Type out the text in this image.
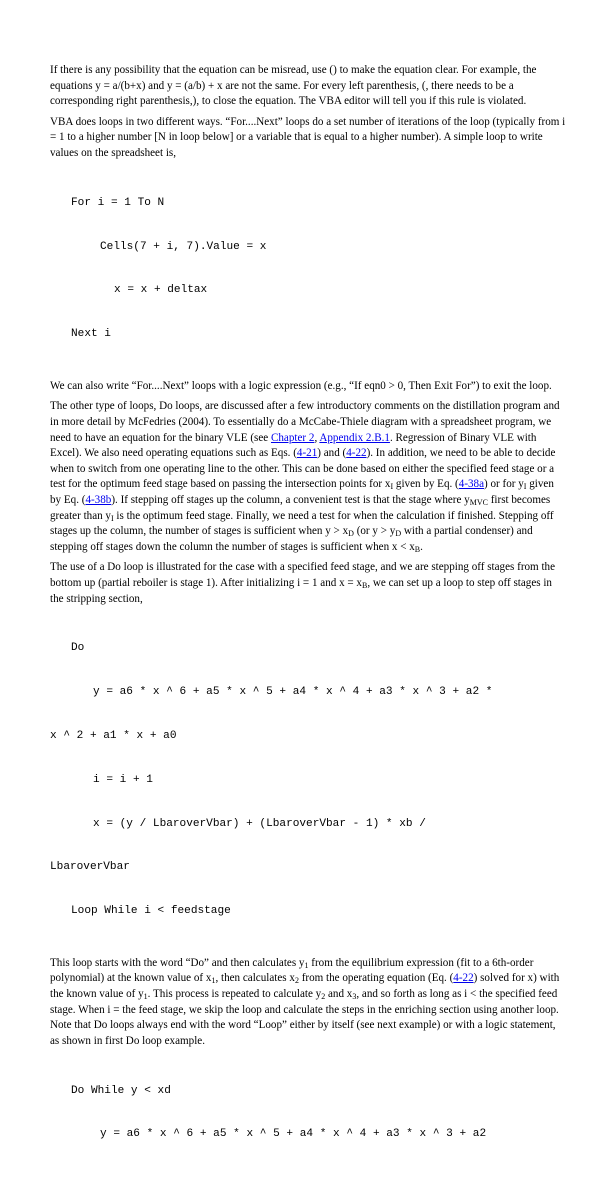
If there is any possibility that the equation can be misread, use () to make the equation clear. For example, the equations y = a/(b+x) and y = (a/b) + x are not the same. For every left parenthesis, (, there needs to be a corresponding right parenthesis,), to close the equation. The VBA editor will tell you if this rule is violated.

VBA does loops in two different ways. “For....Next” loops do a set number of iterations of the loop (typically from i = 1 to a higher number [N in loop below] or a variable that is equal to a higher number). A simple loop to write values on the spreadsheet is,

For i = 1 To N

Cells(7 + i, 7).Value = x

x = x + deltax

Next i

We can also write “For....Next” loops with a logic expression (e.g., “If eqn0 > 0, Then Exit For”) to exit the loop.

The other type of loops, Do loops, are discussed after a few introductory comments on the distillation program and in more detail by McFedries (2004). To essentially do a McCabe-Thiele diagram with a spreadsheet program, we need to have an equation for the binary VLE (see Chapter 2, Appendix 2.B.1. Regression of Binary VLE with Excel). We also need operating equations such as Eqs. (4-21) and (4-22). In addition, we need to be able to decide when to switch from one operating line to the other. This can be done based on either the specified feed stage or a test for the optimum feed stage based on passing the intersection points for $x_I$ given by Eq. (4-38a) or for $y_I$ given by Eq. (4-38b). If stepping off stages up the column, a convenient test is that the stage where $y_{MVC}$ first becomes greater than $y_I$ is the optimum feed stage. Finally, we need a test for when the calculation if finished. Stepping off stages up the column, the number of stages is sufficient when $y > x_D$ (or $y > y_D$ with a partial condenser) and stepping off stages down the column the number of stages is sufficient when $x < x_B$.

The use of a Do loop is illustrated for the case with a specified feed stage, and we are stepping off stages from the bottom up (partial reboiler is stage 1). After initializing i = 1 and $x = x_B$, we can set up a loop to step off stages in the stripping section,

Do

y = a6 * x ^ 6 + a5 * x ^ 5 + a4 * x ^ 4 + a3 * x ^ 3 + a2 *

x ^ 2 + a1 * x + a0

i = i + 1

x = (y / LbaroverVbar) + (LbaroverVbar - 1) * xb /

LbaroverVbar

Loop While i < feedstage

This loop starts with the word “Do” and then calculates $y_1$ from the equilibrium expression (fit to a 6th-order polynomial) at the known value of $x_1$, then calculates $x_2$ from the operating equation (Eq. (4-22) solved for x) with the known value of $y_1$. This process is repeated to calculate $y_2$ and $x_3$, and so forth as long as i < the specified feed stage. When i = the feed stage, we skip the loop and calculate the steps in the enriching section using another loop. Note that Do loops always end with the word “Loop” either by itself (see next example) or with a logic statement, as shown in first Do loop example.

Do While y < xd

y = a6 * x ^ 6 + a5 * x ^ 5 + a4 * x ^ 4 + a3 * x ^ 3 + a2
